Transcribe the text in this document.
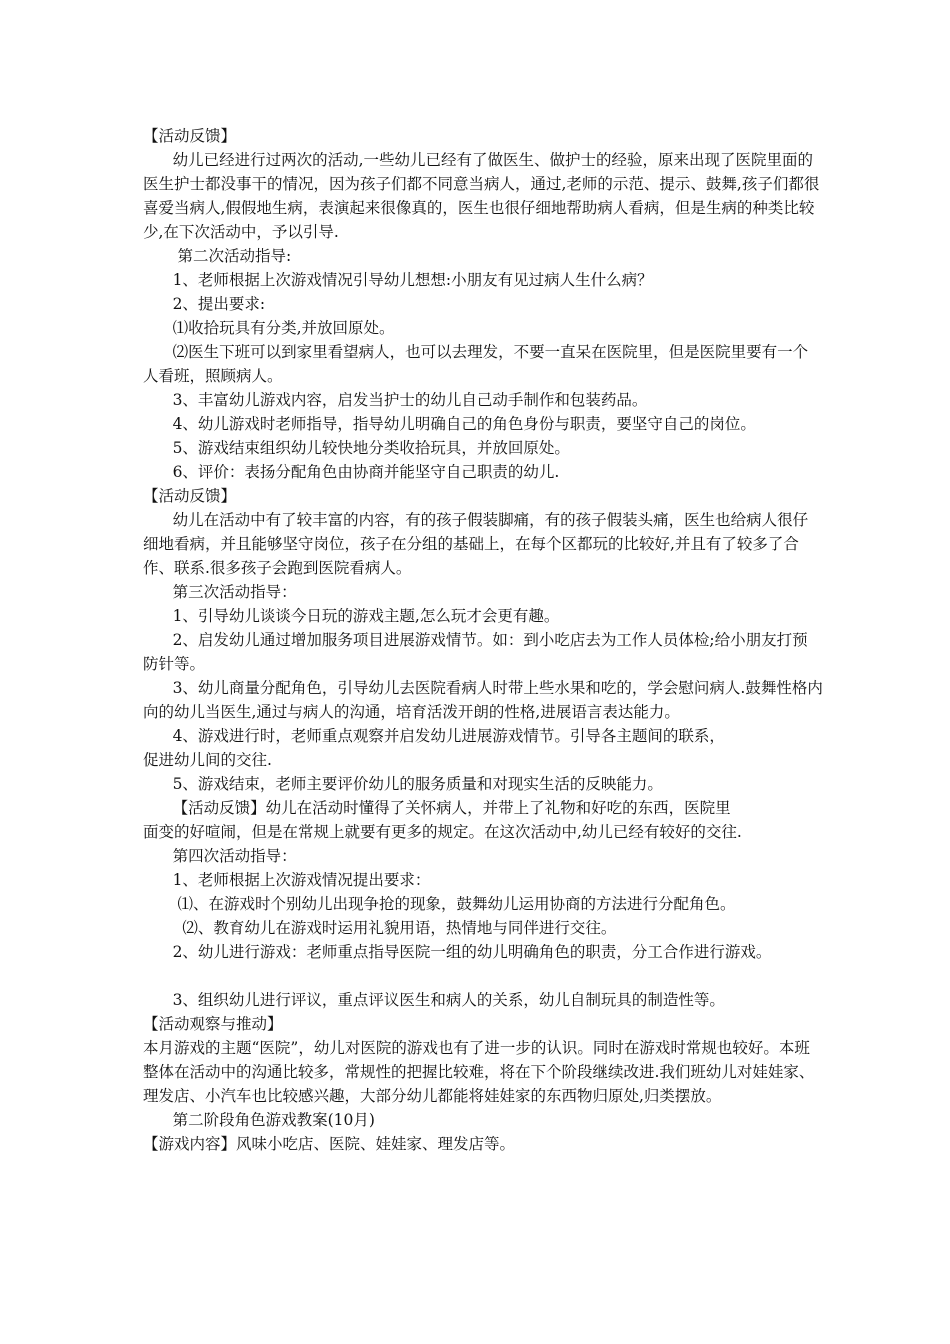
【活动反馈】

幼儿已经进行过两次的活动,一些幼儿已经有了做医生、做护士的经验，原来出现了医院里面的医生护士都没事干的情况，因为孩子们都不同意当病人，通过,老师的示范、提示、鼓舞,孩子们都很喜爱当病人,假假地生病，表演起来很像真的，医生也很仔细地帮助病人看病，但是生病的种类比较少,在下次活动中，予以引导.

第二次活动指导:

1、老师根据上次游戏情况引导幼儿想想:小朋友有见过病人生什么病？

2、提出要求:

⑴收拾玩具有分类,并放回原处。

⑵医生下班可以到家里看望病人，也可以去理发，不要一直呆在医院里，但是医院里要有一个人看班，照顾病人。

3、丰富幼儿游戏内容，启发当护士的幼儿自己动手制作和包装药品。

4、幼儿游戏时老师指导，指导幼儿明确自己的角色身份与职责，要坚守自己的岗位。

5、游戏结束组织幼儿较快地分类收拾玩具，并放回原处。

6、评价：表扬分配角色由协商并能坚守自己职责的幼儿.

【活动反馈】

幼儿在活动中有了较丰富的内容，有的孩子假装脚痛，有的孩子假装头痛，医生也给病人很仔细地看病，并且能够坚守岗位，孩子在分组的基础上，在每个区都玩的比较好,并且有了较多了合作、联系.很多孩子会跑到医院看病人。

第三次活动指导：

1、引导幼儿谈谈今日玩的游戏主题,怎么玩才会更有趣。

2、启发幼儿通过增加服务项目进展游戏情节。如：到小吃店去为工作人员体检;给小朋友打预防针等。

3、幼儿商量分配角色，引导幼儿去医院看病人时带上些水果和吃的，学会慰问病人.鼓舞性格内向的幼儿当医生,通过与病人的沟通，培育活泼开朗的性格,进展语言表达能力。

4、游戏进行时，老师重点观察并启发幼儿进展游戏情节。引导各主题间的联系，

促进幼儿间的交往.

5、游戏结束，老师主要评价幼儿的服务质量和对现实生活的反映能力。

【活动反馈】幼儿在活动时懂得了关怀病人，并带上了礼物和好吃的东西，医院里

面变的好喧闹，但是在常规上就要有更多的规定。在这次活动中,幼儿已经有较好的交往.

第四次活动指导：

1、老师根据上次游戏情况提出要求：

⑴、在游戏时个别幼儿出现争抢的现象，鼓舞幼儿运用协商的方法进行分配角色。

⑵、教育幼儿在游戏时运用礼貌用语，热情地与同伴进行交往。

2、幼儿进行游戏：老师重点指导医院一组的幼儿明确角色的职责，分工合作进行游戏。

3、组织幼儿进行评议，重点评议医生和病人的关系，幼儿自制玩具的制造性等。

【活动观察与推动】

本月游戏的主题“医院”，幼儿对医院的游戏也有了进一步的认识。同时在游戏时常规也较好。本班整体在活动中的沟通比较多，常规性的把握比较难，将在下个阶段继续改进.我们班幼儿对娃娃家、理发店、小汽车也比较感兴趣，大部分幼儿都能将娃娃家的东西物归原处,归类摆放。

第二阶段角色游戏教案(10月)

【游戏内容】风味小吃店、医院、娃娃家、理发店等。
